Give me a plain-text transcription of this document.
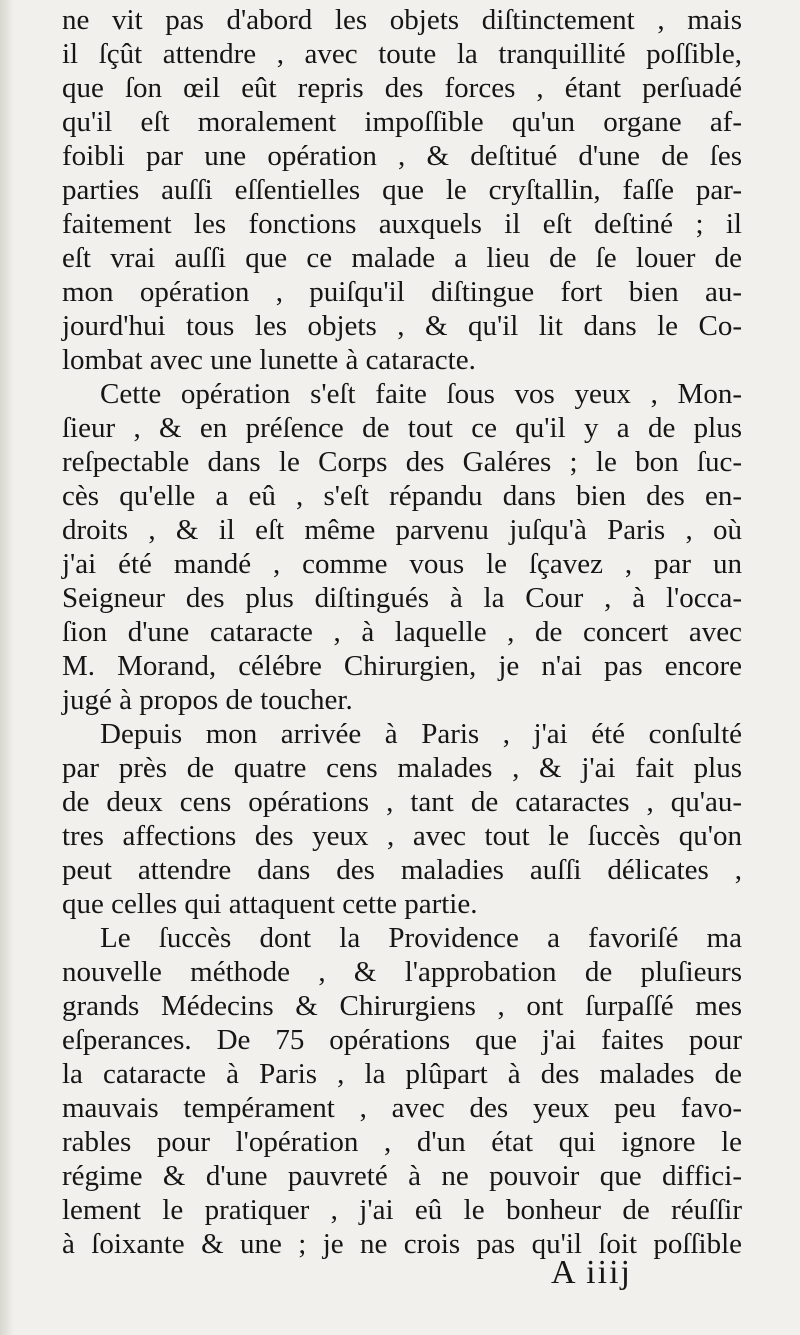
ne vit pas d'abord les objets diſtinctement , mais
il ſçût attendre , avec toute la tranquillité poſſible,
que ſon œil eût repris des forces , étant perſuadé
qu'il eſt moralement impoſſible qu'un organe af-
foibli par une opération , & deſtitué d'une de ſes
parties auſſi eſſentielles que le cryſtallin, faſſe par-
faitement les fonctions auxquels il eſt deſtiné ; il
eſt vrai auſſi que ce malade a lieu de ſe louer de
mon opération , puiſqu'il diſtingue fort bien au-
jourd'hui tous les objets , & qu'il lit dans le Co-
lombat avec une lunette à cataracte.
Cette opération s'eſt faite ſous vos yeux , Mon-
ſieur , & en préſence de tout ce qu'il y a de plus
reſpectable dans le Corps des Galéres ; le bon ſuc-
cès qu'elle a eû , s'eſt répandu dans bien des en-
droits , & il eſt même parvenu juſqu'à Paris , où
j'ai été mandé , comme vous le ſçavez , par un
Seigneur des plus diſtingués à la Cour , à l'occa-
ſion d'une cataracte , à laquelle , de concert avec
M. Morand, célébre Chirurgien, je n'ai pas encore
jugé à propos de toucher.
Depuis mon arrivée à Paris , j'ai été conſulté
par près de quatre cens malades , & j'ai fait plus
de deux cens opérations , tant de cataractes , qu'au-
tres affections des yeux , avec tout le ſuccès qu'on
peut attendre dans des maladies auſſi délicates ,
que celles qui attaquent cette partie.
Le ſuccès dont la Providence a favoriſé ma
nouvelle méthode , & l'approbation de pluſieurs
grands Médecins & Chirurgiens , ont ſurpaſſé mes
eſperances. De 75 opérations que j'ai faites pour
la cataracte à Paris , la plûpart à des malades de
mauvais tempérament , avec des yeux peu favo-
rables pour l'opération , d'un état qui ignore le
régime & d'une pauvreté à ne pouvoir que diffici-
lement le pratiquer , j'ai eû le bonheur de réuſſir
à ſoixante & une ; je ne crois pas qu'il ſoit poſſible
A iiij
